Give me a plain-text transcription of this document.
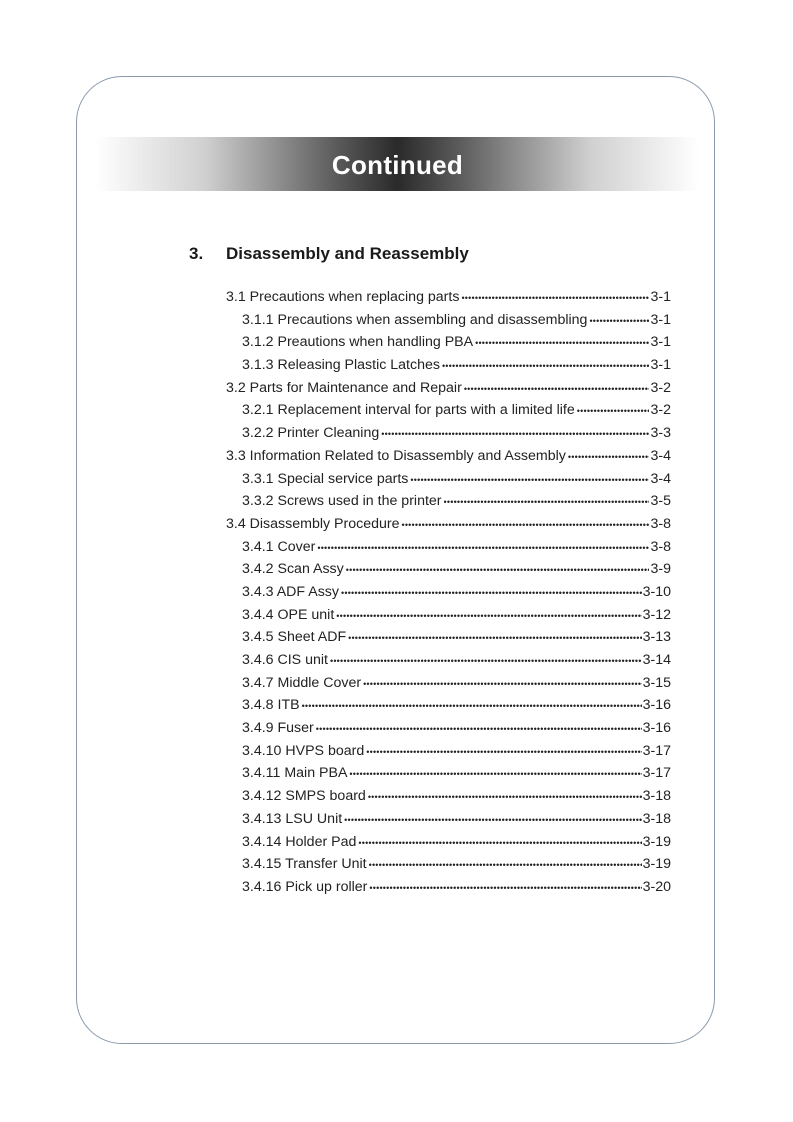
Continued
3. Disassembly and Reassembly
3.1 Precautions when replacing parts •••••	3-1
3.1.1 Precautions when assembling and disassembling •••••	3-1
3.1.2 Preautions when handling PBA •••••	3-1
3.1.3 Releasing Plastic Latches •••••	3-1
3.2 Parts for Maintenance and Repair •••••	3-2
3.2.1 Replacement interval for parts with a limited life •••••	3-2
3.2.2 Printer Cleaning •••••	3-3
3.3 Information Related to Disassembly and Assembly •••••	3-4
3.3.1 Special service parts •••••	3-4
3.3.2 Screws used in the printer •••••	3-5
3.4 Disassembly Procedure •••••	3-8
3.4.1 Cover •••••	3-8
3.4.2 Scan Assy •••••	3-9
3.4.3 ADF Assy •••••	3-10
3.4.4 OPE unit •••••	3-12
3.4.5 Sheet ADF •••••	3-13
3.4.6 CIS unit •••••	3-14
3.4.7 Middle Cover •••••	3-15
3.4.8 ITB •••••	3-16
3.4.9 Fuser •••••	3-16
3.4.10 HVPS board •••••	3-17
3.4.11 Main PBA •••••	3-17
3.4.12 SMPS board •••••	3-18
3.4.13 LSU Unit •••••	3-18
3.4.14 Holder Pad •••••	3-19
3.4.15 Transfer Unit •••••	3-19
3.4.16 Pick up roller •••••	3-20
